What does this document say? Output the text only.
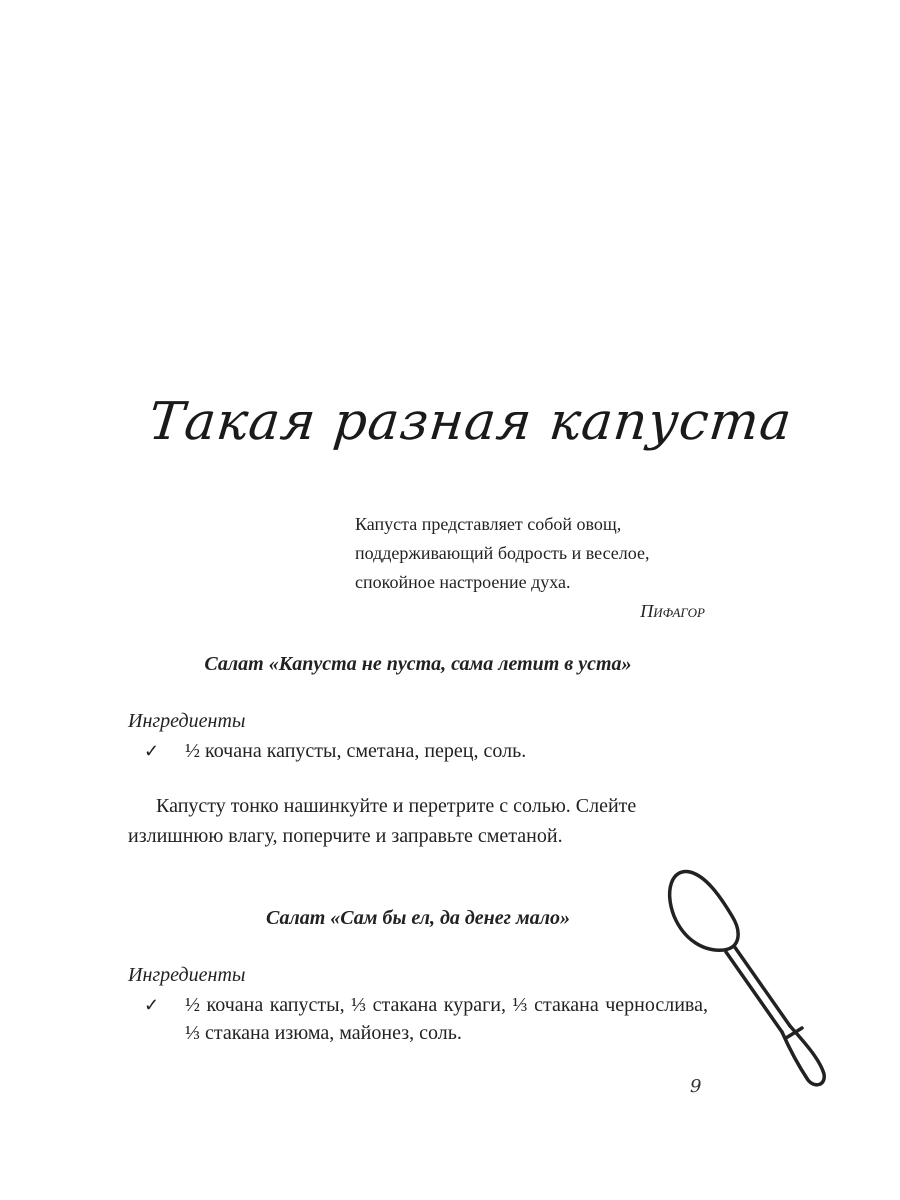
Такая разная капуста
Капуста представляет собой овощ,
поддерживающий бодрость и веселое,
спокойное настроение духа.
Пифагор
Салат «Капуста не пуста, сама летит в уста»
Ингредиенты
✓ ½ кочана капусты, сметана, перец, соль.
Капусту тонко нашинкуйте и перетрите с солью. Слейте излишнюю влагу, поперчите и заправьте сметаной.
Салат «Сам бы ел, да денег мало»
Ингредиенты
✓ ½ кочана капусты, ⅓ стакана кураги, ⅓ стакана чернослива, ⅓ стакана изюма, майонез, соль.
9
